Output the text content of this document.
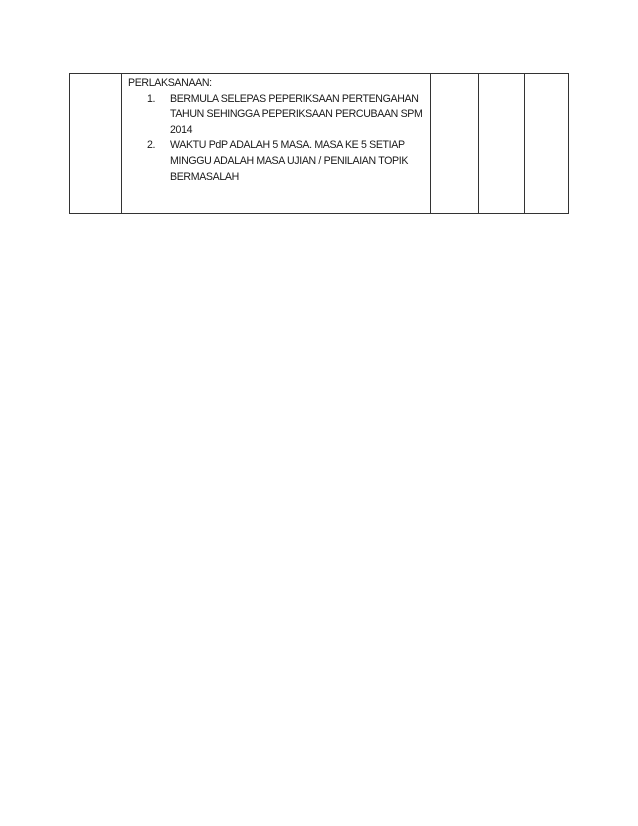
PERLAKSANAAN:
1. BERMULA SELEPAS PEPERIKSAAN PERTENGAHAN TAHUN SEHINGGA PEPERIKSAAN PERCUBAAN SPM 2014
2. WAKTU PdP ADALAH 5 MASA. MASA KE 5 SETIAP MINGGU ADALAH MASA UJIAN / PENILAIAN TOPIK BERMASALAH
